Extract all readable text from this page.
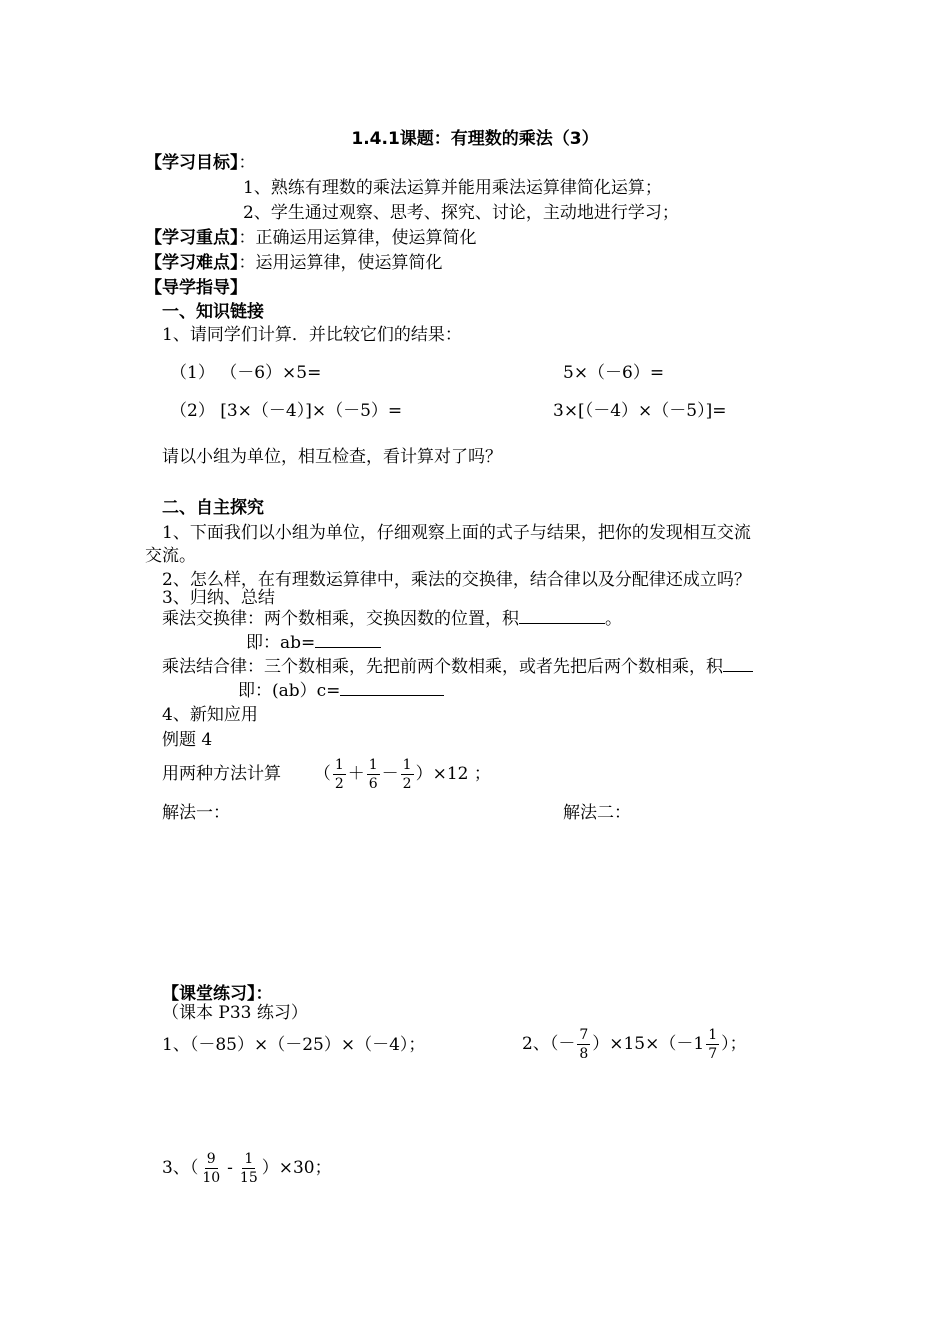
1.4.1课题：有理数的乘法（3）
【学习目标】：
1、熟练有理数的乘法运算并能用乘法运算律简化运算；
2、学生通过观察、思考、探究、讨论，主动地进行学习；
【学习重点】：正确运用运算律，使运算简化
【学习难点】：运用运算律，使运算简化
【导学指导】
一、知识链接
1、请同学们计算．并比较它们的结果：
（1） （－6）×5=	5×（－6）=
（2） [3×（－4）]×（－5）=	3×[（－4）×（－5）]=
请以小组为单位，相互检查，看计算对了吗？
二、自主探究
1、下面我们以小组为单位，仔细观察上面的式子与结果，把你的发现相互交流
交流。
2、怎么样，在有理数运算律中，乘法的交换律，结合律以及分配律还成立吗？
3、归纳、总结
乘法交换律：两个数相乘，交换因数的位置，积	。
即：ab=
乘法结合律：三个数相乘，先把前两个数相乘，或者先把后两个数相乘，积
即：(ab）c=
4、新知应用
例题 4
用两种方法计算 （ $\frac{1}{2} + \frac{1}{6} - \frac{1}{2} )\times 12$ ；
解法一：	解法二：
【课堂练习】：
（课本 P33 练习）
1、（－85）×（－25）×（－4）；	2、（－ $\frac{7}{8} )\times 15\times(-1 \frac{1}{7}$ ）；
3、（ $\frac{9}{10} - \frac{1}{15} )\times 30$；
